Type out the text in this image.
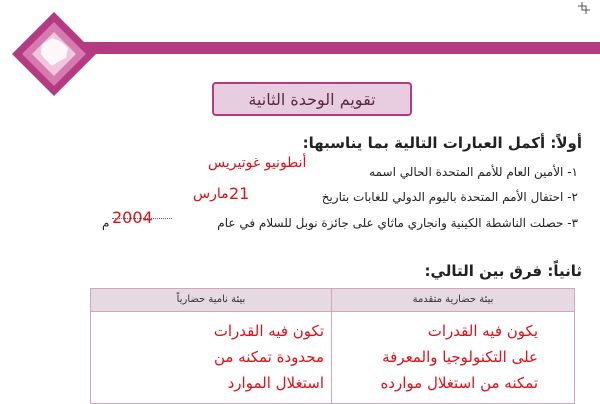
تقويم الوحدة الثانية
أولاً: أكمل العبارات التالية بما يناسبها:
١- الأمين العام للأمم المتحدة الحالي اسمه
أنطونيو غوتيريس
٢- احتفال الأمم المتحدة باليوم الدولي للغابات بتاريخ
21
مارس
٣- حصلت الناشطة الكينية وانجاري ماثاي على جائزة نوبل للسلام في عام
2004
م
ثانياً: فرق بين التالي:
بيئة حضارية متقدمة
بيئة نامية حضارياً
يكون فيه القدرات
على التكنولوجيا والمعرفة
تمكنه من استغلال موارده
تكون فيه القدرات
محدودة تمكنه من
استغلال الموارد
